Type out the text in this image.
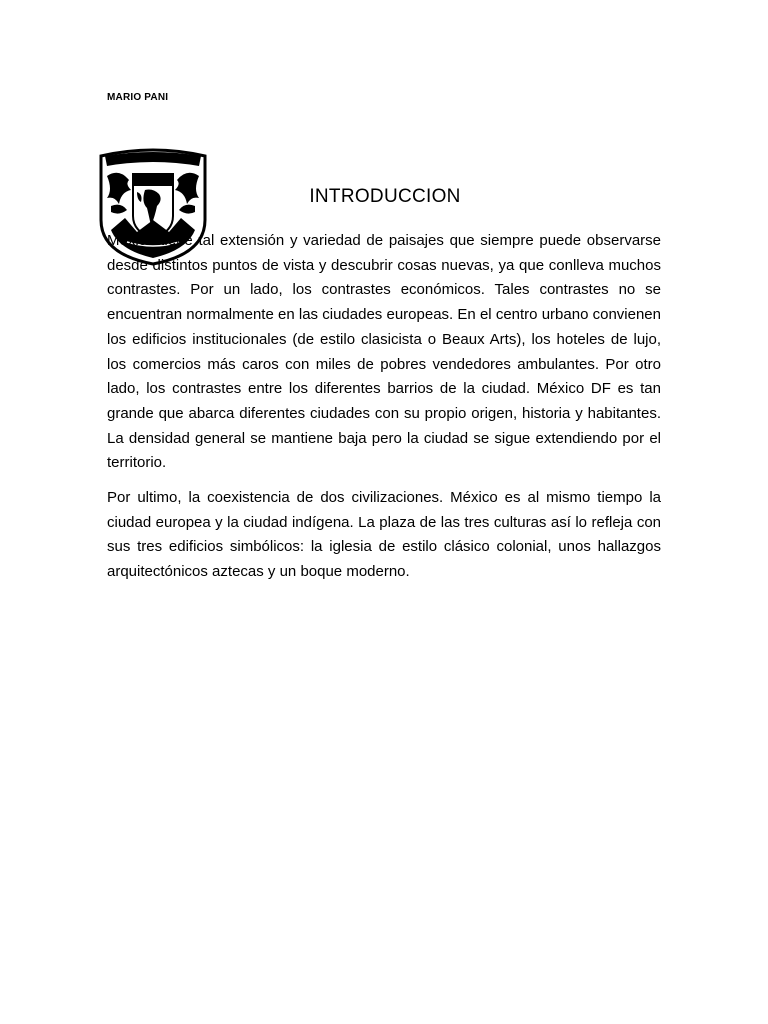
MARIO PANI
INTRODUCCION

México tiene tal extensión y variedad de paisajes que siempre puede observarse desde distintos puntos de vista y descubrir cosas nuevas, ya que conlleva muchos contrastes. Por un lado, los contrastes económicos. Tales contrastes no se encuentran normalmente en las ciudades europeas. En el centro urbano convienen los edificios institucionales (de estilo clasicista o Beaux Arts), los hoteles de lujo, los comercios más caros con miles de pobres vendedores ambulantes. Por otro lado, los contrastes entre los diferentes barrios de la ciudad. México DF es tan grande que abarca diferentes ciudades con su propio origen, historia y habitantes. La densidad general se mantiene baja pero la ciudad se sigue extendiendo por el territorio.

Por ultimo, la coexistencia de dos civilizaciones. México es al mismo tiempo la ciudad europea y la ciudad indígena. La plaza de las tres culturas así lo refleja con sus tres edificios simbólicos: la iglesia de estilo clásico colonial, unos hallazgos arquitectónicos aztecas y un boque moderno.
